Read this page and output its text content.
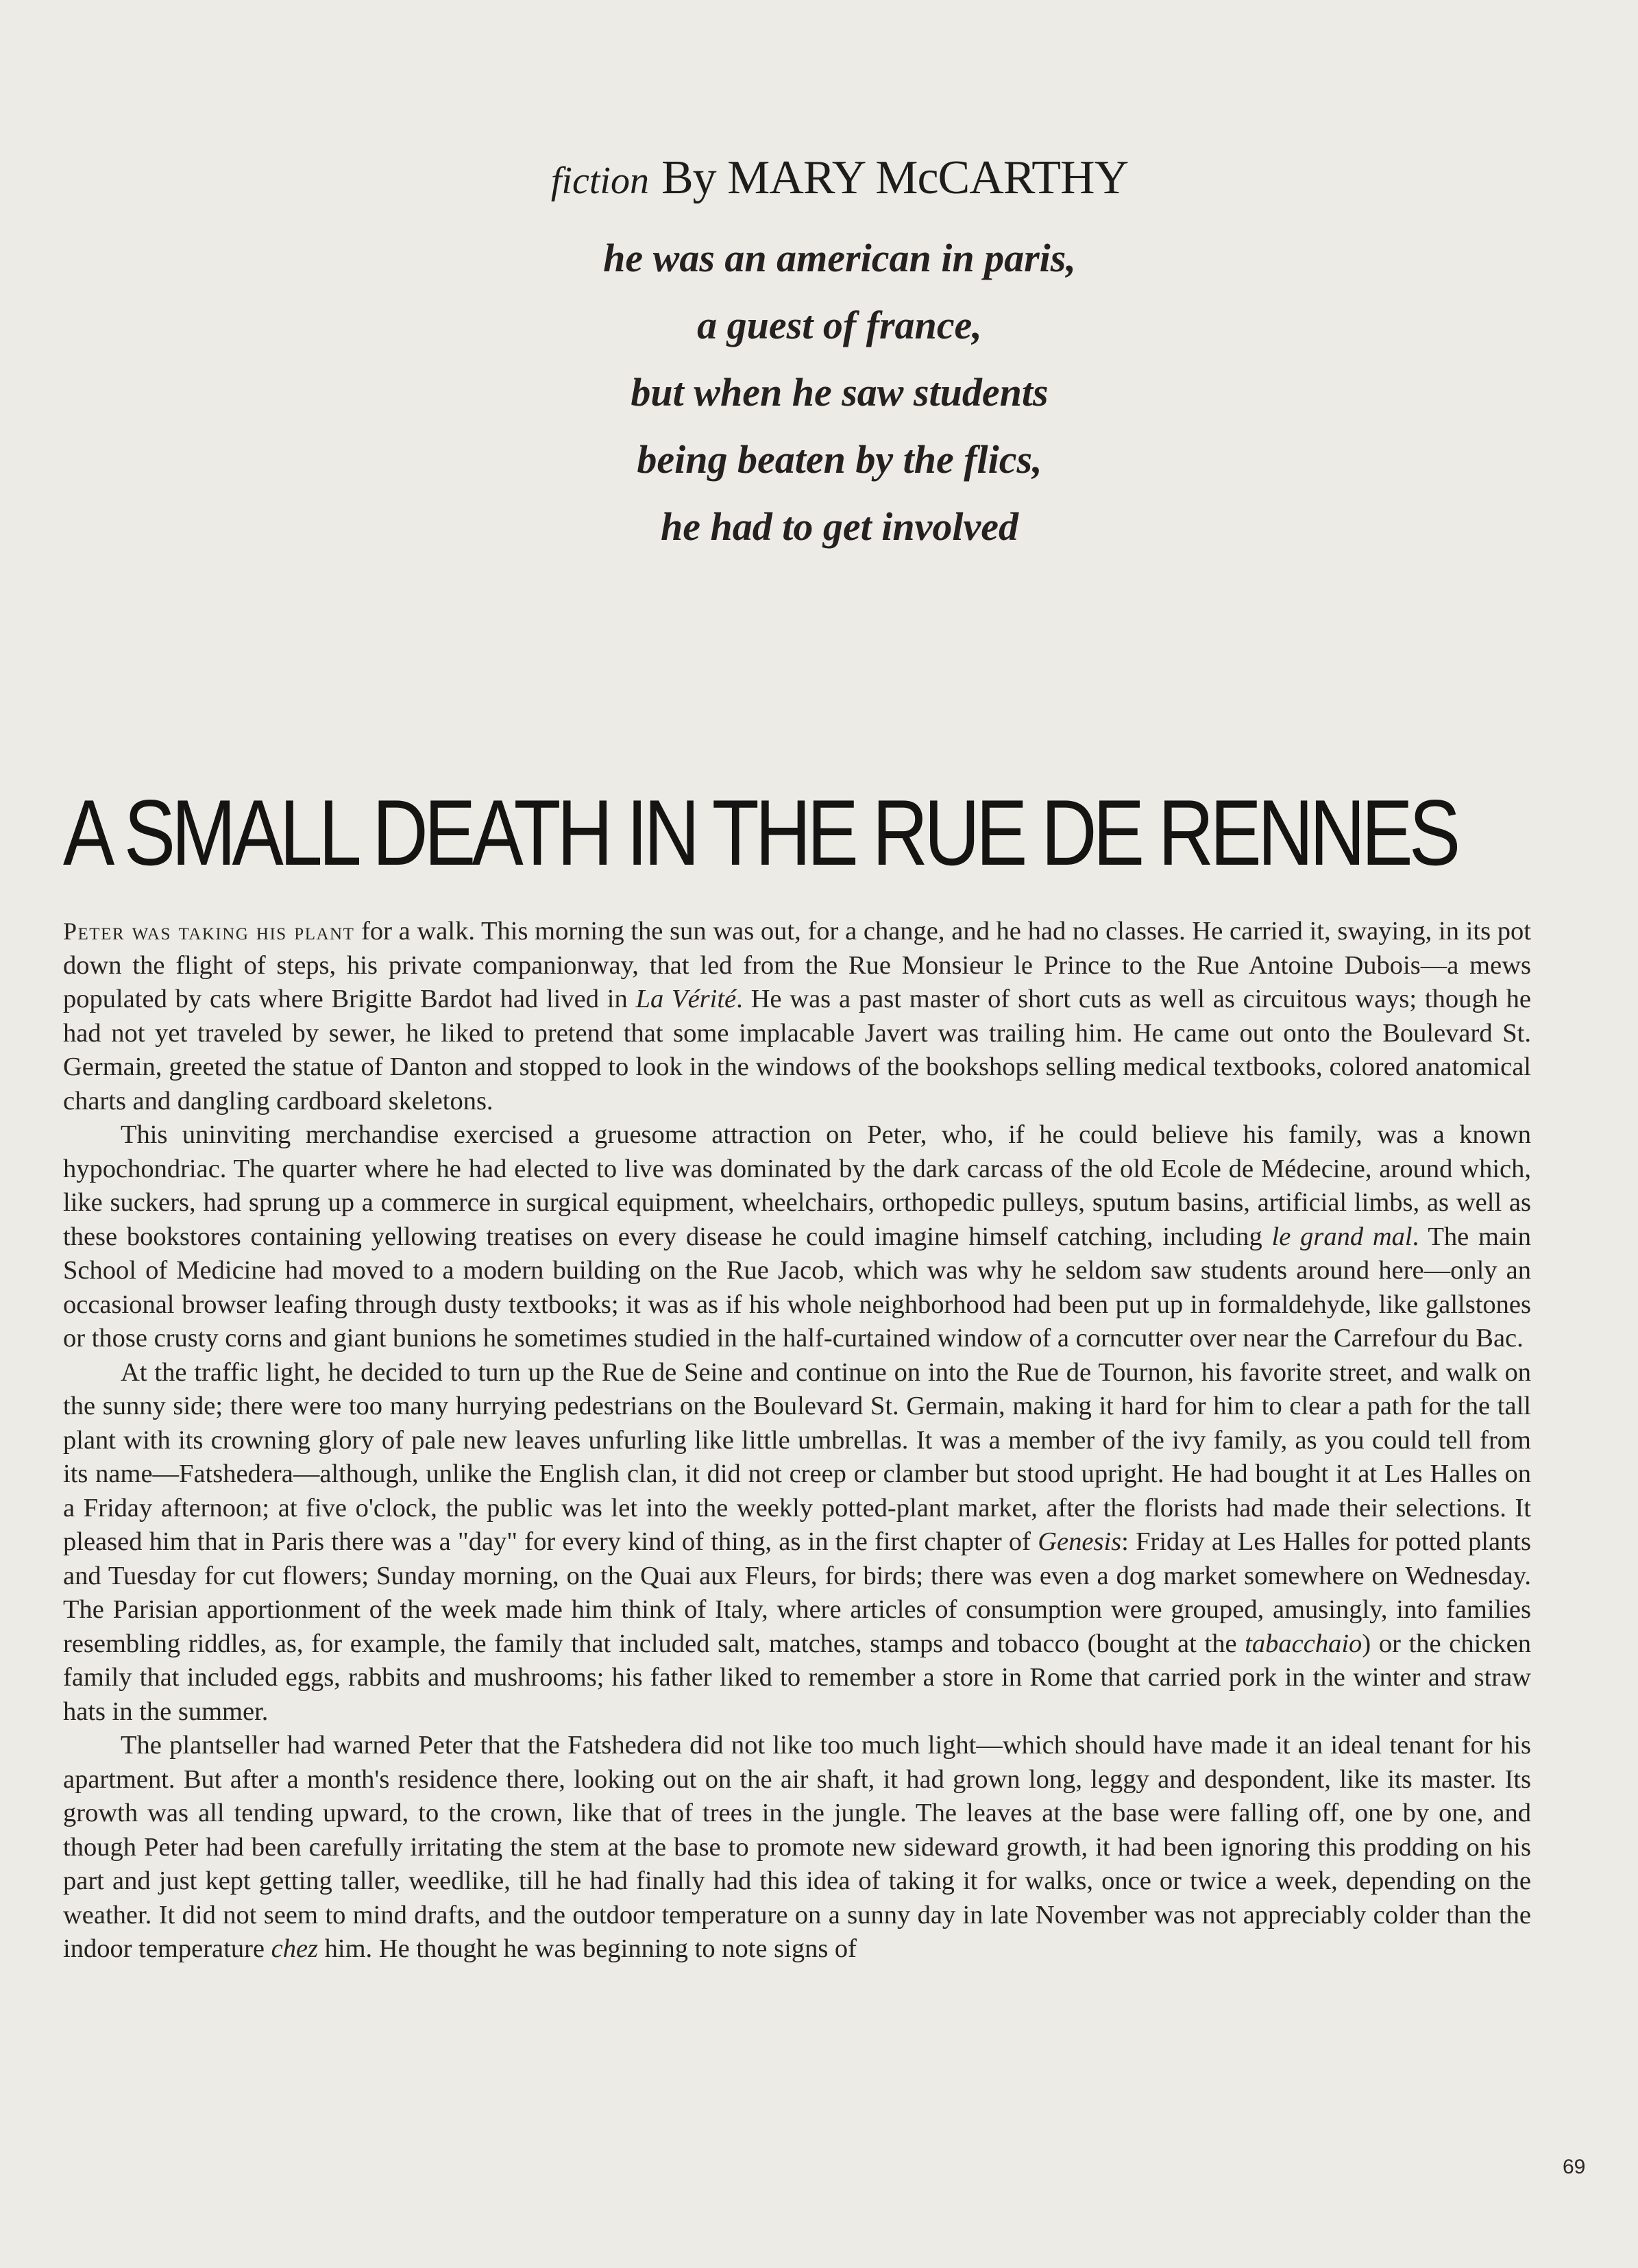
fiction By MARY McCARTHY
he was an american in paris,
a guest of france,
but when he saw students
being beaten by the flics,
he had to get involved
A SMALL DEATH IN THE RUE DE RENNES

Peter was taking his plant for a walk. This morning the sun was out, for a change, and he had no classes. He carried it, swaying, in its pot down the flight of steps, his private companionway, that led from the Rue Monsieur le Prince to the Rue Antoine Dubois—a mews populated by cats where Brigitte Bardot had lived in La Vérité. He was a past master of short cuts as well as circuitous ways; though he had not yet traveled by sewer, he liked to pretend that some implacable Javert was trailing him. He came out onto the Boulevard St. Germain, greeted the statue of Danton and stopped to look in the windows of the bookshops selling medical textbooks, colored anatomical charts and dangling cardboard skeletons.

This uninviting merchandise exercised a gruesome attraction on Peter, who, if he could believe his family, was a known hypochondriac. The quarter where he had elected to live was dominated by the dark carcass of the old Ecole de Médecine, around which, like suckers, had sprung up a commerce in surgical equipment, wheelchairs, orthopedic pulleys, sputum basins, artificial limbs, as well as these bookstores containing yellowing treatises on every disease he could imagine himself catching, including le grand mal. The main School of Medicine had moved to a modern building on the Rue Jacob, which was why he seldom saw students around here—only an occasional browser leafing through dusty textbooks; it was as if his whole neighborhood had been put up in formaldehyde, like gallstones or those crusty corns and giant bunions he sometimes studied in the half-curtained window of a corncutter over near the Carrefour du Bac.

At the traffic light, he decided to turn up the Rue de Seine and continue on into the Rue de Tournon, his favorite street, and walk on the sunny side; there were too many hurrying pedestrians on the Boulevard St. Germain, making it hard for him to clear a path for the tall plant with its crowning glory of pale new leaves unfurling like little umbrellas. It was a member of the ivy family, as you could tell from its name—Fatshedera—although, unlike the English clan, it did not creep or clamber but stood upright. He had bought it at Les Halles on a Friday afternoon; at five o'clock, the public was let into the weekly potted-plant market, after the florists had made their selections. It pleased him that in Paris there was a "day" for every kind of thing, as in the first chapter of Genesis: Friday at Les Halles for potted plants and Tuesday for cut flowers; Sunday morning, on the Quai aux Fleurs, for birds; there was even a dog market somewhere on Wednesday. The Parisian apportionment of the week made him think of Italy, where articles of consumption were grouped, amusingly, into families resembling riddles, as, for example, the family that included salt, matches, stamps and tobacco (bought at the tabacchaio) or the chicken family that included eggs, rabbits and mushrooms; his father liked to remember a store in Rome that carried pork in the winter and straw hats in the summer.

The plantseller had warned Peter that the Fatshedera did not like too much light—which should have made it an ideal tenant for his apartment. But after a month's residence there, looking out on the air shaft, it had grown long, leggy and despondent, like its master. Its growth was all tending upward, to the crown, like that of trees in the jungle. The leaves at the base were falling off, one by one, and though Peter had been carefully irritating the stem at the base to promote new sideward growth, it had been ignoring this prodding on his part and just kept getting taller, weedlike, till he had finally had this idea of taking it for walks, once or twice a week, depending on the weather. It did not seem to mind drafts, and the outdoor temperature on a sunny day in late November was not appreciably colder than the indoor temperature chez him. He thought he was beginning to note signs of

69
